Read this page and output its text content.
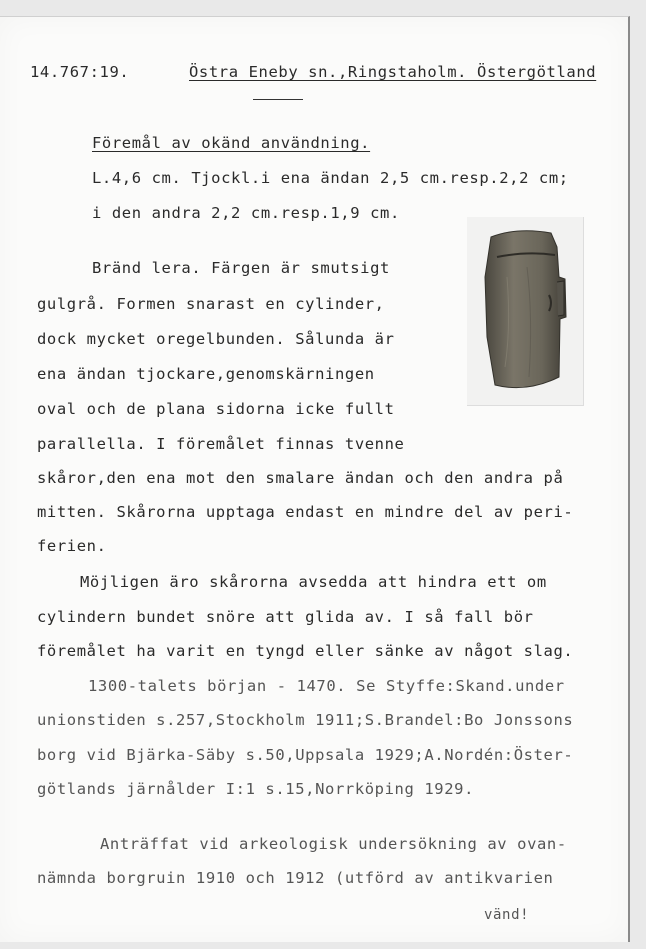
14.767:19.	Östra Eneby sn.,Ringstaholm. Östergötland
Föremål av okänd användning.
L.4,6 cm. Tjockl.i ena ändan 2,5 cm.resp.2,2 cm;
i den andra 2,2 cm.resp.1,9 cm.
Bränd lera. Färgen är smutsigt
gulgrå. Formen snarast en cylinder,
dock mycket oregelbunden. Sålunda är
ena ändan tjockare,genomskärningen
oval och de plana sidorna icke fullt
parallella. I föremålet finnas tvenne
skåror,den ena mot den smalare ändan och den andra på
mitten. Skårorna upptaga endast en mindre del av peri-
ferien.
Möjligen äro skårorna avsedda att hindra ett om
cylindern bundet snöre att glida av. I så fall bör
föremålet ha varit en tyngd eller sänke av något slag.
1300-talets början - 1470. Se Styffe:Skand.under
unionstiden s.257,Stockholm 1911;S.Brandel:Bo Jonssons
borg vid Bjärka-Säby s.50,Uppsala 1929;A.Nordén:Öster-
götlands järnålder I:1 s.15,Norrköping 1929.
Anträffat vid arkeologisk undersökning av ovan-
nämnda borgruin 1910 och 1912 (utförd av antikvarien
vänd!
